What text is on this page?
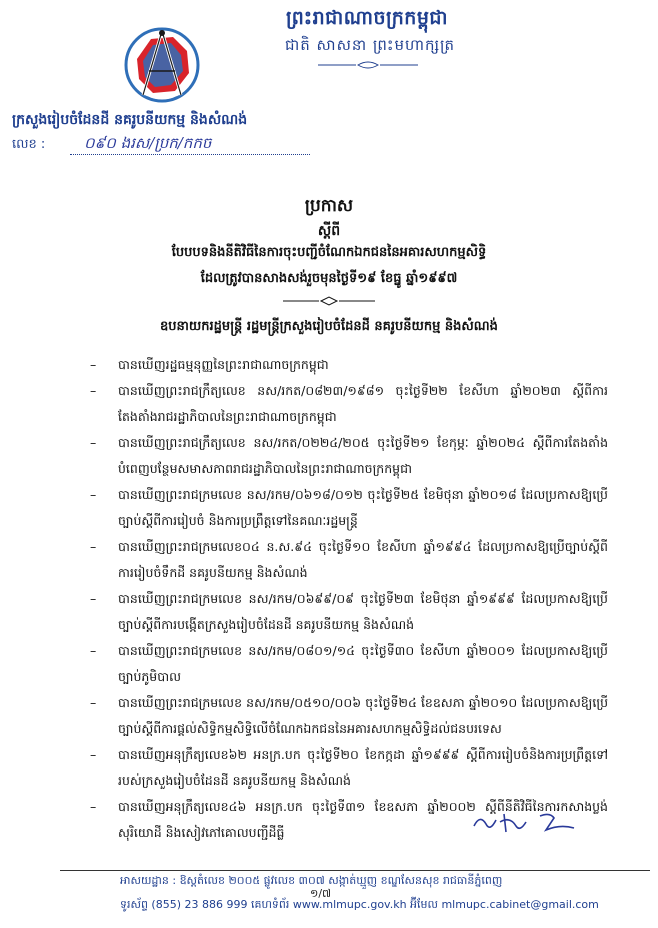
ព្រះរាជាណាចក្រកម្ពុជា
ជាតិ សាសនា ព្រះមហាក្សត្រ
ក្រសួងរៀបចំដែនដី នគរូបនីយកម្ម និងសំណង់
លេខ :	០៩០ ងរស/ប្រក/កកច
ប្រកាស
ស្តីពី
បែបបទនិងនីតិវិធីនៃការចុះបញ្ជីចំណែកឯកជននៃអគារសហកម្មសិទ្ធិ
ដែលត្រូវបានសាងសង់រួចមុនថ្ងៃទី១៩ ខែធ្នូ ឆ្នាំ១៩៩៧
ឧបនាយករដ្ឋមន្ត្រី រដ្ឋមន្ត្រីក្រសួងរៀបចំដែនដី នគរូបនីយកម្ម និងសំណង់
– បានឃើញរដ្ឋធម្មនុញ្ញនៃព្រះរាជាណាចក្រកម្ពុជា
– បានឃើញព្រះរាជក្រឹត្យលេខ នស/រកត/០៨២៣/១៩៨១ ចុះថ្ងៃទី២២ ខែសីហា ឆ្នាំ២០២៣ ស្តីពីការតែងតាំងរាជរដ្ឋាភិបាលនៃព្រះរាជាណាចក្រកម្ពុជា
– បានឃើញព្រះរាជក្រឹត្យលេខ នស/រកត/០២២៤/២០៥ ចុះថ្ងៃទី២១ ខែកុម្ភៈ ឆ្នាំ២០២៤ ស្តីពីការតែងតាំងបំពេញបន្ថែមសមាសភាពរាជរដ្ឋាភិបាលនៃព្រះរាជាណាចក្រកម្ពុជា
– បានឃើញព្រះរាជក្រមលេខ នស/រកម/០៦១៨/០១២ ចុះថ្ងៃទី២៥ ខែមិថុនា ឆ្នាំ២០១៨ ដែលប្រកាសឱ្យប្រើច្បាប់ស្តីពីការរៀបចំ និងការប្រព្រឹត្តទៅនៃគណៈរដ្ឋមន្ត្រី
– បានឃើញព្រះរាជក្រមលេខ០៤ ន.ស.៩៤ ចុះថ្ងៃទី១០ ខែសីហា ឆ្នាំ១៩៩៤ ដែលប្រកាសឱ្យប្រើច្បាប់ស្តីពីការរៀបចំទឹកដី នគរូបនីយកម្ម និងសំណង់
– បានឃើញព្រះរាជក្រមលេខ នស/រកម/០៦៩៩/០៩ ចុះថ្ងៃទី២៣ ខែមិថុនា ឆ្នាំ១៩៩៩ ដែលប្រកាសឱ្យប្រើច្បាប់ស្តីពីការបង្កើតក្រសួងរៀបចំដែនដី នគរូបនីយកម្ម និងសំណង់
– បានឃើញព្រះរាជក្រមលេខ នស/រកម/០៨០១/១៤ ចុះថ្ងៃទី៣០ ខែសីហា ឆ្នាំ២០០១ ដែលប្រកាសឱ្យប្រើច្បាប់ភូមិបាល
– បានឃើញព្រះរាជក្រមលេខ នស/រកម/០៥១០/០០៦ ចុះថ្ងៃទី២៤ ខែឧសភា ឆ្នាំ២០១០ ដែលប្រកាសឱ្យប្រើច្បាប់ស្តីពីការផ្តល់សិទ្ធិកម្មសិទ្ធិលើចំណែកឯកជននៃអគារសហកម្មសិទ្ធិដល់ជនបរទេស
– បានឃើញអនុក្រឹត្យលេខ៦២ អនក្រ.បក ចុះថ្ងៃទី២០ ខែកក្កដា ឆ្នាំ១៩៩៩ ស្តីពីការរៀបចំនិងការប្រព្រឹត្តទៅរបស់ក្រសួងរៀបចំដែនដី នគរូបនីយកម្ម និងសំណង់
– បានឃើញអនុក្រឹត្យលេខ៤៦ អនក្រ.បក ចុះថ្ងៃទី៣១ ខែឧសភា ឆ្នាំ២០០២ ស្តីពីនីតិវិធីនៃការកសាងប្លង់សុរិយោដី និងសៀវភៅគោលបញ្ជីដីធ្លី
អាសយដ្ឋាន : ឱស្តតំលេខ ២០០៥ ផ្លូវលេខ ៣០៧ សង្កាត់ឃ្មួញ ខណ្ឌសែនសុខ រាជធានីភ្នំពេញ
១/៧
ទូរស័ព្ទ (855) 23 886 999 គេហទំព័រ www.mlmupc.gov.kh អ៊ីមែល mlmupc.cabinet@gmail.com
